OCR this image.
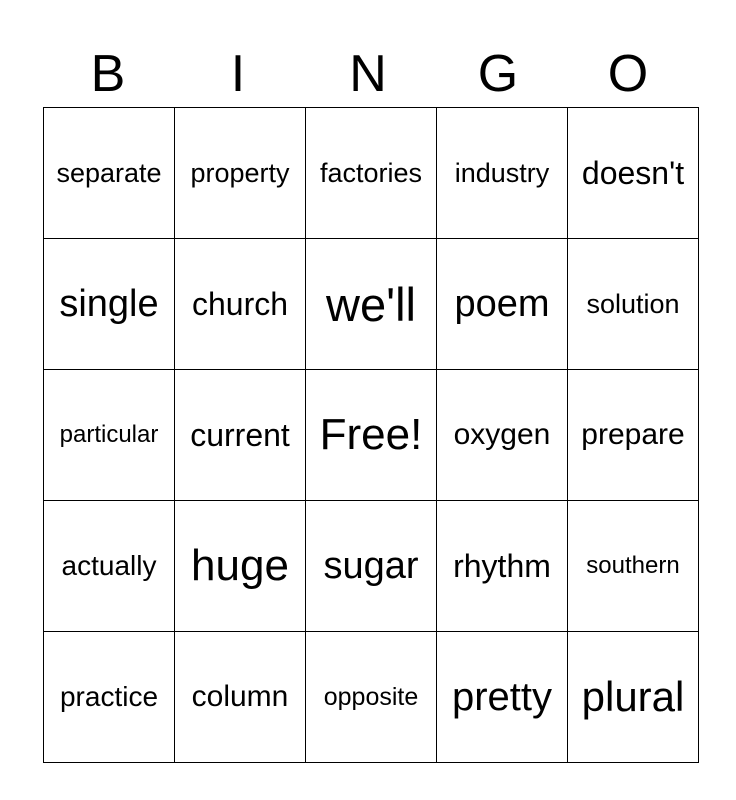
B	I	N	G	O
separate	property	factories	industry	doesn't
single	church	we'll	poem	solution
particular	current	Free!	oxygen	prepare
actually	huge	sugar	rhythm	southern
practice	column	opposite	pretty	plural
